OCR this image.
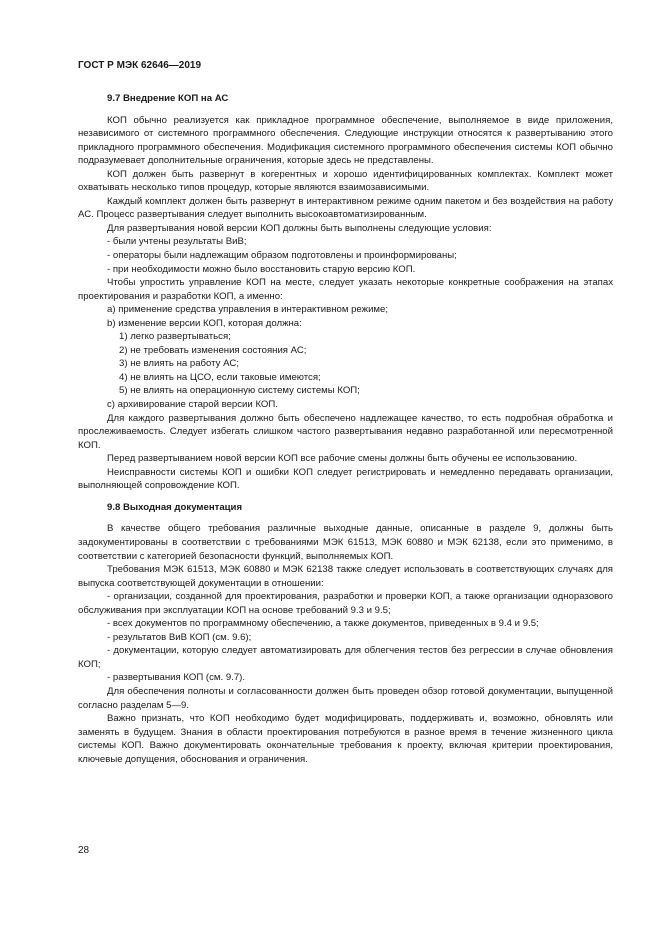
ГОСТ Р МЭК 62646—2019
9.7 Внедрение КОП на АС

КОП обычно реализуется как прикладное программное обеспечение, выполняемое в виде приложения, независимого от системного программного обеспечения. Следующие инструкции относятся к развертыванию этого прикладного программного обеспечения. Модификация системного программного обеспечения системы КОП обычно подразумевает дополнительные ограничения, которые здесь не представлены.

КОП должен быть развернут в когерентных и хорошо идентифицированных комплектах. Комплект может охватывать несколько типов процедур, которые являются взаимозависимыми.

Каждый комплект должен быть развернут в интерактивном режиме одним пакетом и без воздействия на работу АС. Процесс развертывания следует выполнить высокоавтоматизированным.

Для развертывания новой версии КОП должны быть выполнены следующие условия:

- были учтены результаты ВиВ;
- операторы были надлежащим образом подготовлены и проинформированы;
- при необходимости можно было восстановить старую версию КОП.

Чтобы упростить управление КОП на месте, следует указать некоторые конкретные соображения на этапах проектирования и разработки КОП, а именно:

a) применение средства управления в интерактивном режиме;
b) изменение версии КОП, которая должна:
1) легко развертываться;
2) не требовать изменения состояния АС;
3) не влиять на работу АС;
4) не влиять на ЦСО, если таковые имеются;
5) не влиять на операционную систему системы КОП;
c) архивирование старой версии КОП.

Для каждого развертывания должно быть обеспечено надлежащее качество, то есть подробная обработка и прослеживаемость. Следует избегать слишком частого развертывания недавно разработанной или пересмотренной КОП.

Перед развертыванием новой версии КОП все рабочие смены должны быть обучены ее использованию.

Неисправности системы КОП и ошибки КОП следует регистрировать и немедленно передавать организации, выполняющей сопровождение КОП.

9.8 Выходная документация

В качестве общего требования различные выходные данные, описанные в разделе 9, должны быть задокументированы в соответствии с требованиями МЭК 61513, МЭК 60880 и МЭК 62138, если это применимо, в соответствии с категорией безопасности функций, выполняемых КОП.

Требования МЭК 61513, МЭК 60880 и МЭК 62138 также следует использовать в соответствующих случаях для выпуска соответствующей документации в отношении:

- организации, созданной для проектирования, разработки и проверки КОП, а также организации одноразового обслуживания при эксплуатации КОП на основе требований 9.3 и 9.5;
- всех документов по программному обеспечению, а также документов, приведенных в 9.4 и 9.5;
- результатов ВиВ КОП (см. 9.6);
- документации, которую следует автоматизировать для облегчения тестов без регрессии в случае обновления КОП;
- развертывания КОП (см. 9.7).

Для обеспечения полноты и согласованности должен быть проведен обзор готовой документации, выпущенной согласно разделам 5—9.

Важно признать, что КОП необходимо будет модифицировать, поддерживать и, возможно, обновлять или заменять в будущем. Знания в области проектирования потребуются в разное время в течение жизненного цикла системы КОП. Важно документировать окончательные требования к проекту, включая критерии проектирования, ключевые допущения, обоснования и ограничения.

28
